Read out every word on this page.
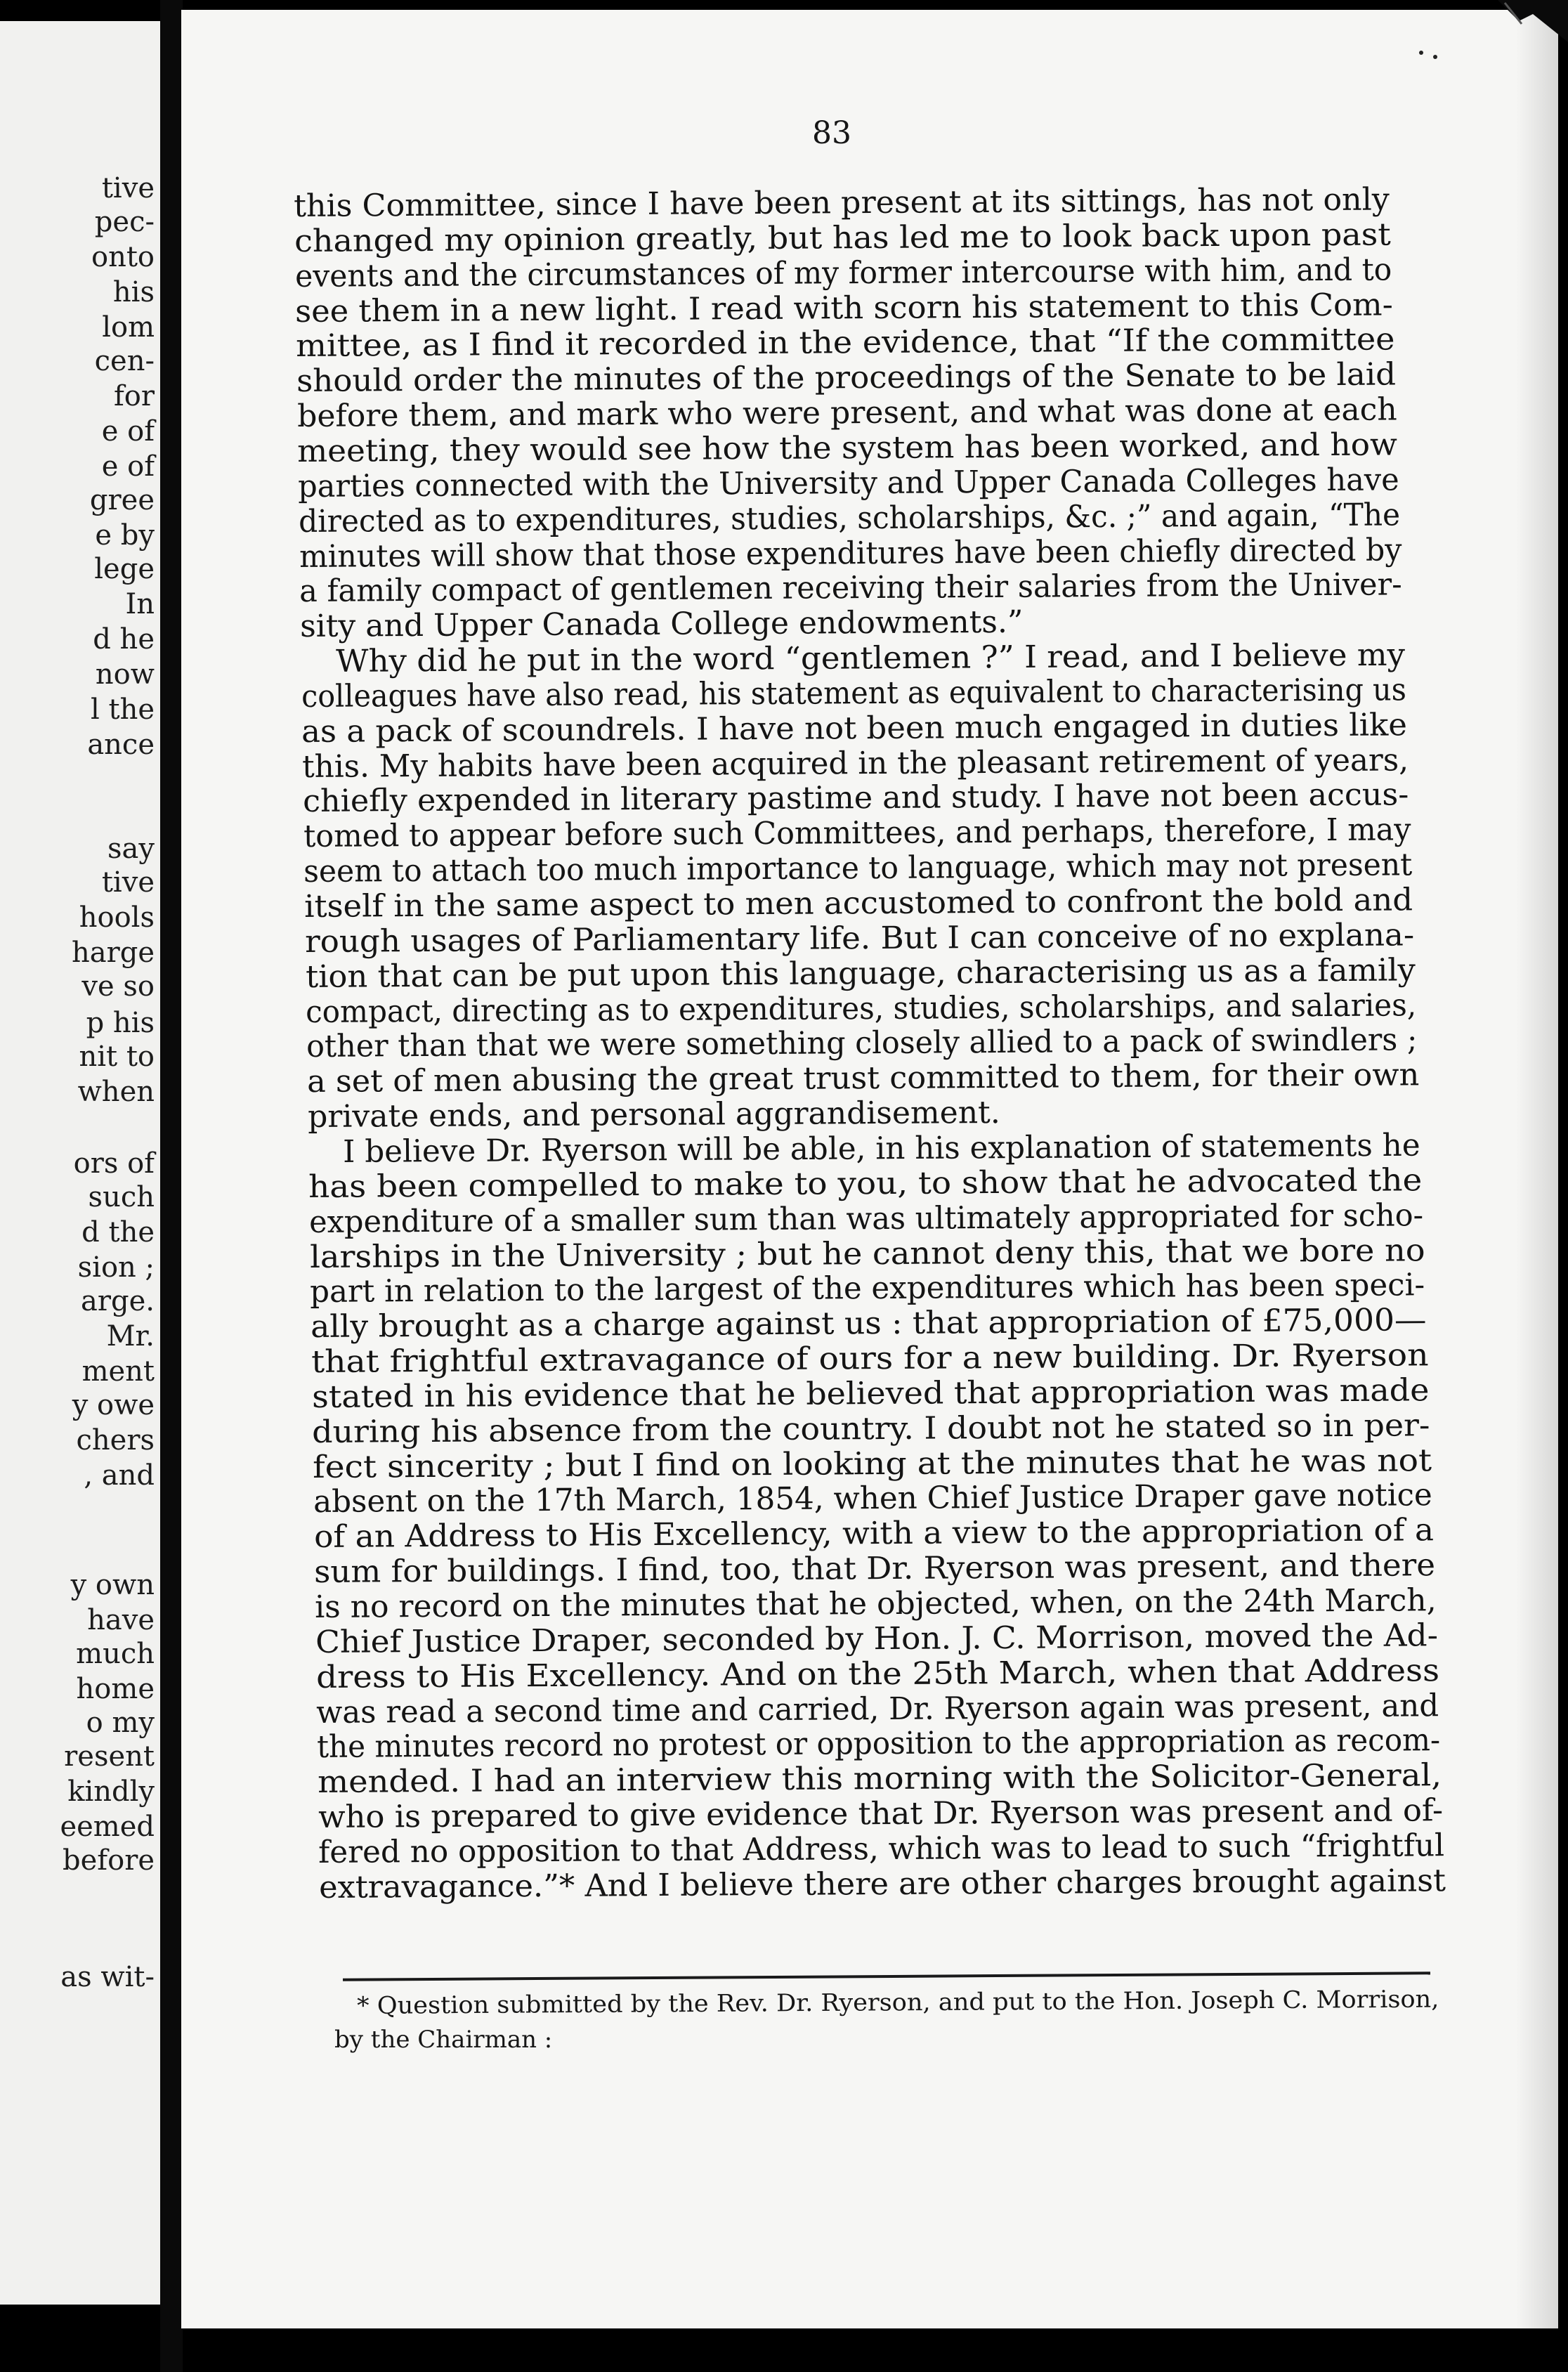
tive
pec-
onto
his
lom
cen-
for
e of
e of
gree
e by
lege
In
d he
now
l the
ance
say
tive
hools
harge
ve so
p his
nit to
when
ors of
such
d the
sion ;
arge.
Mr.
ment
y owe
chers
, and
y own
have
much
home
o my
resent
kindly
eemed
before
as wit-
83
this Committee, since I have been present at its sittings, has not only
changed my opinion greatly, but has led me to look back upon past
events and the circumstances of my former intercourse with him, and to
see them in a new light. I read with scorn his statement to this Com-
mittee, as I find it recorded in the evidence, that “If the committee
should order the minutes of the proceedings of the Senate to be laid
before them, and mark who were present, and what was done at each
meeting, they would see how the system has been worked, and how
parties connected with the University and Upper Canada Colleges have
directed as to expenditures, studies, scholarships, &c. ;” and again, “The
minutes will show that those expenditures have been chiefly directed by
a family compact of gentlemen receiving their salaries from the Univer-
sity and Upper Canada College endowments.”
Why did he put in the word “gentlemen ?” I read, and I believe my
colleagues have also read, his statement as equivalent to characterising us
as a pack of scoundrels. I have not been much engaged in duties like
this. My habits have been acquired in the pleasant retirement of years,
chiefly expended in literary pastime and study. I have not been accus-
tomed to appear before such Committees, and perhaps, therefore, I may
seem to attach too much importance to language, which may not present
itself in the same aspect to men accustomed to confront the bold and
rough usages of Parliamentary life. But I can conceive of no explana-
tion that can be put upon this language, characterising us as a family
compact, directing as to expenditures, studies, scholarships, and salaries,
other than that we were something closely allied to a pack of swindlers ;
a set of men abusing the great trust committed to them, for their own
private ends, and personal aggrandisement.
I believe Dr. Ryerson will be able, in his explanation of statements he
has been compelled to make to you, to show that he advocated the
expenditure of a smaller sum than was ultimately appropriated for scho-
larships in the University ; but he cannot deny this, that we bore no
part in relation to the largest of the expenditures which has been speci-
ally brought as a charge against us : that appropriation of £75,000—
that frightful extravagance of ours for a new building. Dr. Ryerson
stated in his evidence that he believed that appropriation was made
during his absence from the country. I doubt not he stated so in per-
fect sincerity ; but I find on looking at the minutes that he was not
absent on the 17th March, 1854, when Chief Justice Draper gave notice
of an Address to His Excellency, with a view to the appropriation of a
sum for buildings. I find, too, that Dr. Ryerson was present, and there
is no record on the minutes that he objected, when, on the 24th March,
Chief Justice Draper, seconded by Hon. J. C. Morrison, moved the Ad-
dress to His Excellency. And on the 25th March, when that Address
was read a second time and carried, Dr. Ryerson again was present, and
the minutes record no protest or opposition to the appropriation as recom-
mended. I had an interview this morning with the Solicitor-General,
who is prepared to give evidence that Dr. Ryerson was present and of-
fered no opposition to that Address, which was to lead to such “frightful
extravagance.”* And I believe there are other charges brought against
* Question submitted by the Rev. Dr. Ryerson, and put to the Hon. Joseph C. Morrison,
by the Chairman :
